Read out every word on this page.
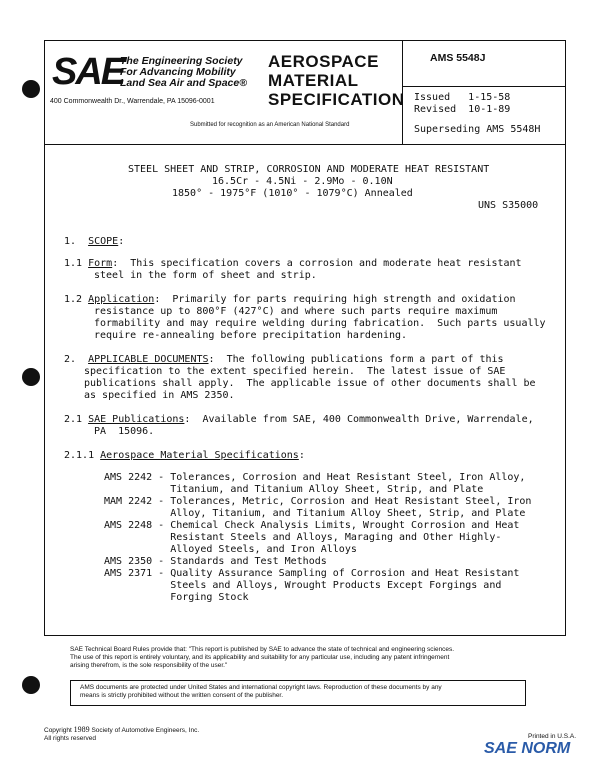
SAE
The Engineering Society
For Advancing Mobility
Land Sea Air and Space®
400 Commonwealth Dr., Warrendale, PA 15096-0001
AEROSPACE
MATERIAL
SPECIFICATION
Submitted for recognition as an American National Standard
AMS 5548J
Issued   1-15-58
Revised  10-1-89
Superseding AMS 5548H
STEEL SHEET AND STRIP, CORROSION AND MODERATE HEAT RESISTANT
16.5Cr - 4.5Ni - 2.9Mo - 0.10N
1850° - 1975°F (1010° - 1079°C) Annealed
UNS S35000
1. SCOPE:
1.1 Form:  This specification covers a corrosion and moderate heat resistant
steel in the form of sheet and strip.
1.2 Application:  Primarily for parts requiring high strength and oxidation
resistance up to 800°F (427°C) and where such parts require maximum
formability and may require welding during fabrication.  Such parts usually
require re-annealing before precipitation hardening.
2. APPLICABLE DOCUMENTS:  The following publications form a part of this
specification to the extent specified herein.  The latest issue of SAE
publications shall apply.  The applicable issue of other documents shall be
as specified in AMS 2350.
2.1 SAE Publications:  Available from SAE, 400 Commonwealth Drive, Warrendale,
PA  15096.
2.1.1 Aerospace Material Specifications:
AMS 2242 - Tolerances, Corrosion and Heat Resistant Steel, Iron Alloy,
Titanium, and Titanium Alloy Sheet, Strip, and Plate
MAM 2242 - Tolerances, Metric, Corrosion and Heat Resistant Steel, Iron
Alloy, Titanium, and Titanium Alloy Sheet, Strip, and Plate
AMS 2248 - Chemical Check Analysis Limits, Wrought Corrosion and Heat
Resistant Steels and Alloys, Maraging and Other Highly-
Alloyed Steels, and Iron Alloys
AMS 2350 - Standards and Test Methods
AMS 2371 - Quality Assurance Sampling of Corrosion and Heat Resistant
Steels and Alloys, Wrought Products Except Forgings and
Forging Stock
SAE Technical Board Rules provide that: "This report is published by SAE to advance the state of technical and engineering sciences.
The use of this report is entirely voluntary, and its applicability and suitability for any particular use, including any patent infringement
arising therefrom, is the sole responsibility of the user."
AMS documents are protected under United States and international copyright laws. Reproduction of these documents by any
means is strictly prohibited without the written consent of the publisher.
Copyright 1989 Society of Automotive Engineers, Inc.
All rights reserved	Printed in U.S.A.
SAE NORM
